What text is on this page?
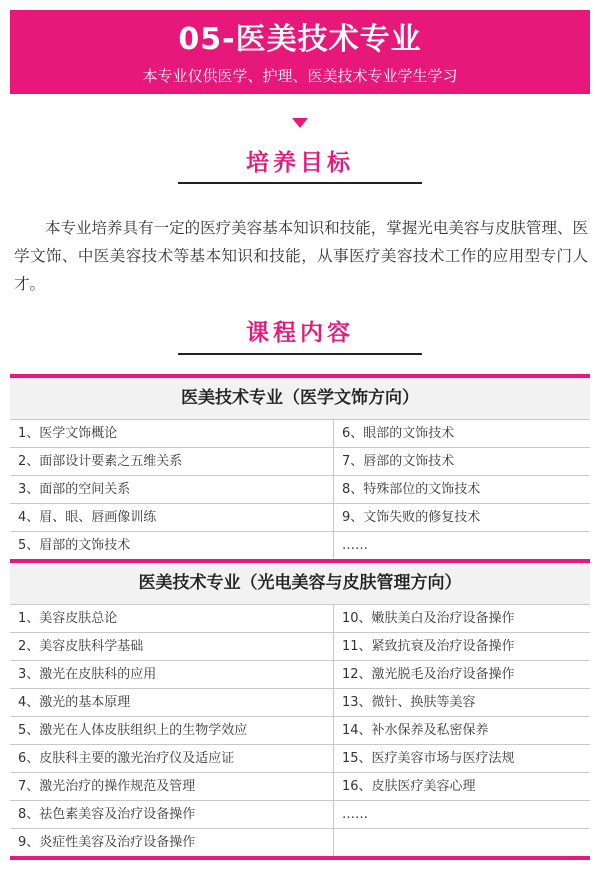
05-医美技术专业
本专业仅供医学、护理、医美技术专业学生学习
培养目标

本专业培养具有一定的医疗美容基本知识和技能，掌握光电美容与皮肤管理、医学文饰、中医美容技术等基本知识和技能，从事医疗美容技术工作的应用型专门人才。

课程内容
医美技术专业（医学文饰方向）
1、医学文饰概论	6、眼部的文饰技术
2、面部设计要素之五维关系	7、唇部的文饰技术
3、面部的空间关系	8、特殊部位的文饰技术
4、眉、眼、唇画像训练	9、文饰失败的修复技术
5、眉部的文饰技术	……
医美技术专业（光电美容与皮肤管理方向）
1、美容皮肤总论	10、嫩肤美白及治疗设备操作
2、美容皮肤科学基础	11、紧致抗衰及治疗设备操作
3、激光在皮肤科的应用	12、激光脱毛及治疗设备操作
4、激光的基本原理	13、微针、换肤等美容
5、激光在人体皮肤组织上的生物学效应	14、补水保养及私密保养
6、皮肤科主要的激光治疗仪及适应证	15、医疗美容市场与医疗法规
7、激光治疗的操作规范及管理	16、皮肤医疗美容心理
8、祛色素美容及治疗设备操作	……
9、炎症性美容及治疗设备操作
